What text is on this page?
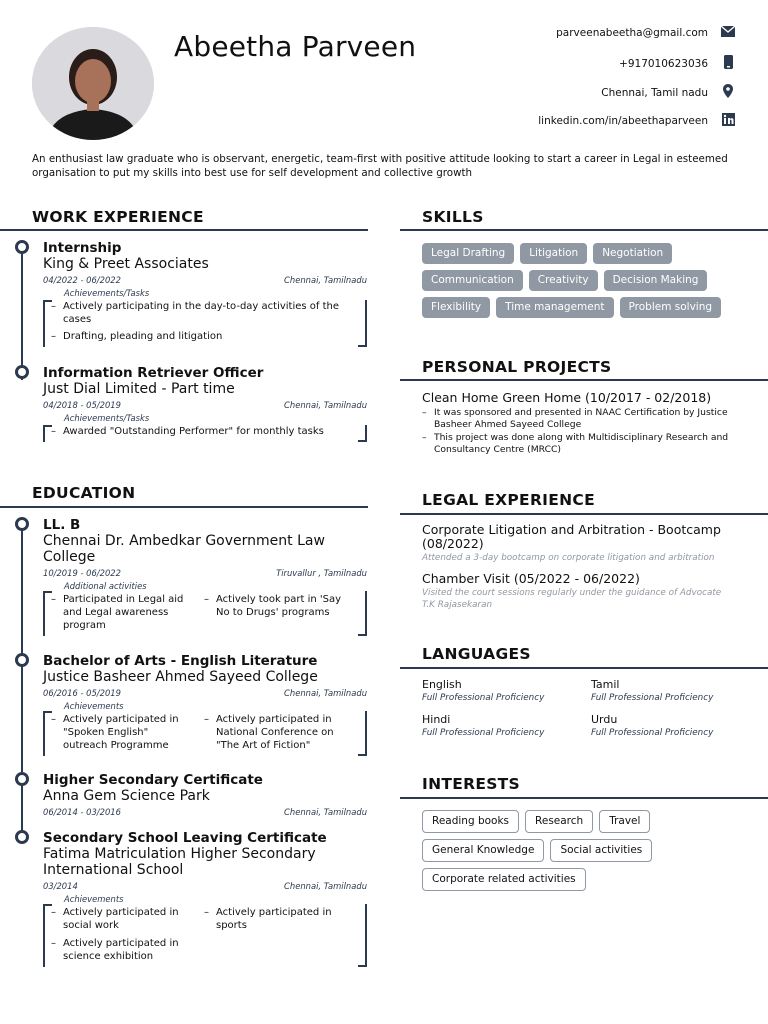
Abeetha Parveen	parveenabeetha@gmail.com
+917010623036
Chennai, Tamil nadu
linkedin.com/in/abeethaparveen
An enthusiast law graduate who is observant, energetic, team-first with positive attitude looking to start a career in Legal in esteemed organisation to put my skills into best use for self development and collective growth
WORK EXPERIENCE
Internship
King & Preet Associates
04/2022 - 06/2022	Chennai, Tamilnadu
Achievements/Tasks
– Actively participating in the day-to-day activities of the cases
– Drafting, pleading and litigation
Information Retriever Officer
Just Dial Limited - Part time
04/2018 - 05/2019	Chennai, Tamilnadu
Achievements/Tasks
– Awarded "Outstanding Performer" for monthly tasks
EDUCATION
LL. B
Chennai Dr. Ambedkar Government Law College
10/2019 - 06/2022	Tiruvallur , Tamilnadu
Additional activities
– Participated in Legal aid and Legal awareness program
– Actively took part in 'Say No to Drugs' programs
Bachelor of Arts - English Literature
Justice Basheer Ahmed Sayeed College
06/2016 - 05/2019	Chennai, Tamilnadu
Achievements
– Actively participated in "Spoken English" outreach Programme
– Actively participated in National Conference on "The Art of Fiction"
Higher Secondary Certificate
Anna Gem Science Park
06/2014 - 03/2016	Chennai, Tamilnadu
Secondary School Leaving Certificate
Fatima Matriculation Higher Secondary International School
03/2014	Chennai, Tamilnadu
Achievements
– Actively participated in social work
– Actively participated in science exhibition
– Actively participated in sports
SKILLS
Legal Drafting	Litigation	Negotiation
Communication	Creativity	Decision Making
Flexibility	Time management	Problem solving
PERSONAL PROJECTS
Clean Home Green Home (10/2017 - 02/2018)
– It was sponsored and presented in NAAC Certification by Justice Basheer Ahmed Sayeed College
– This project was done along with Multidisciplinary Research and Consultancy Centre (MRCC)
LEGAL EXPERIENCE
Corporate Litigation and Arbitration - Bootcamp (08/2022)
Attended a 3-day bootcamp on corporate litigation and arbitration
Chamber Visit (05/2022 - 06/2022)
Visited the court sessions regularly under the guidance of Advocate T.K Rajasekaran
LANGUAGES
English
Full Professional Proficiency
Tamil
Full Professional Proficiency
Hindi
Full Professional Proficiency
Urdu
Full Professional Proficiency
INTERESTS
Reading books	Research	Travel
General Knowledge	Social activities
Corporate related activities
